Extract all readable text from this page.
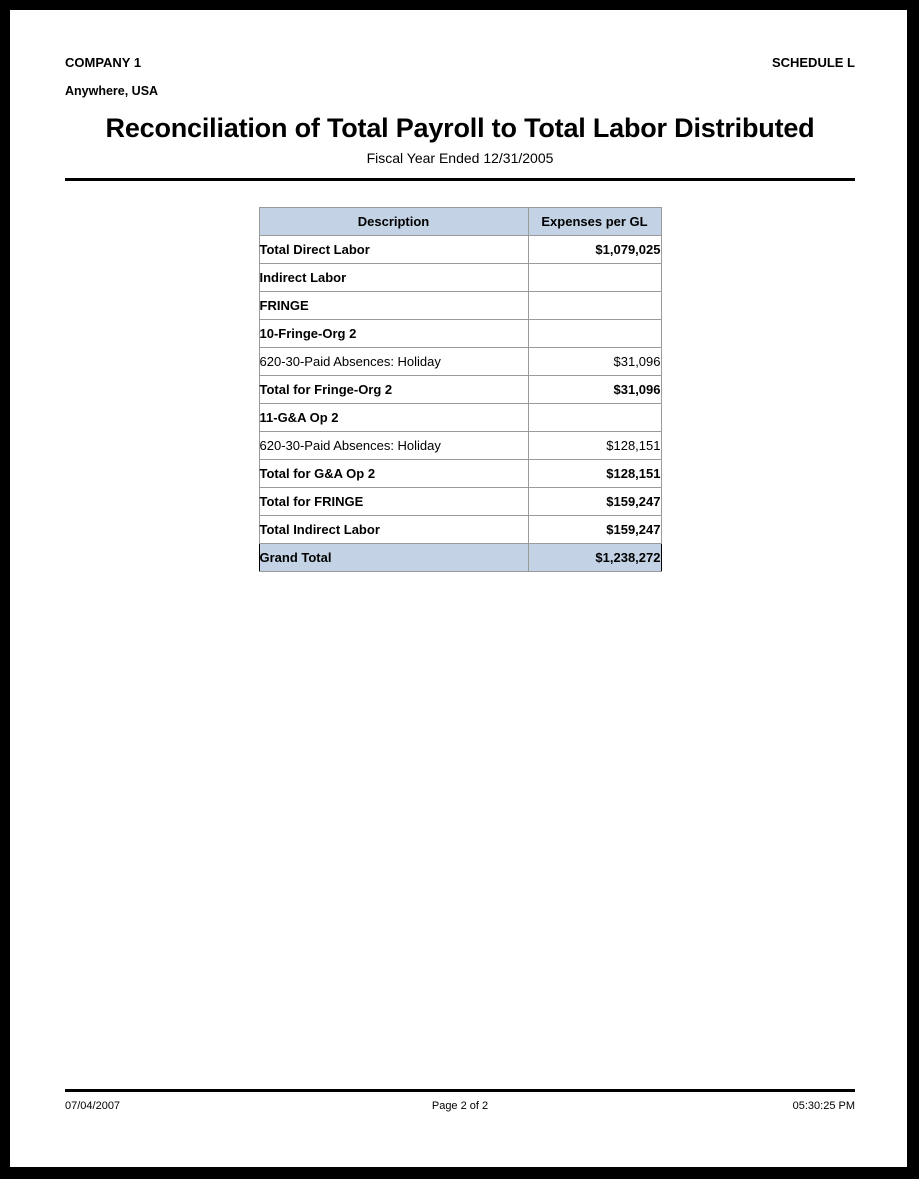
COMPANY 1	SCHEDULE L
Anywhere, USA
Reconciliation of Total Payroll to Total Labor Distributed
Fiscal Year Ended 12/31/2005
Description	Expenses per GL
Total Direct Labor	$1,079,025
Indirect Labor	
FRINGE	
10-Fringe-Org 2	
620-30-Paid Absences: Holiday	$31,096
Total for Fringe-Org 2	$31,096
11-G&A Op 2	
620-30-Paid Absences: Holiday	$128,151
Total for G&A Op 2	$128,151
Total for FRINGE	$159,247
Total Indirect Labor	$159,247
Grand Total	$1,238,272
07/04/2007	Page 2 of 2	05:30:25 PM
